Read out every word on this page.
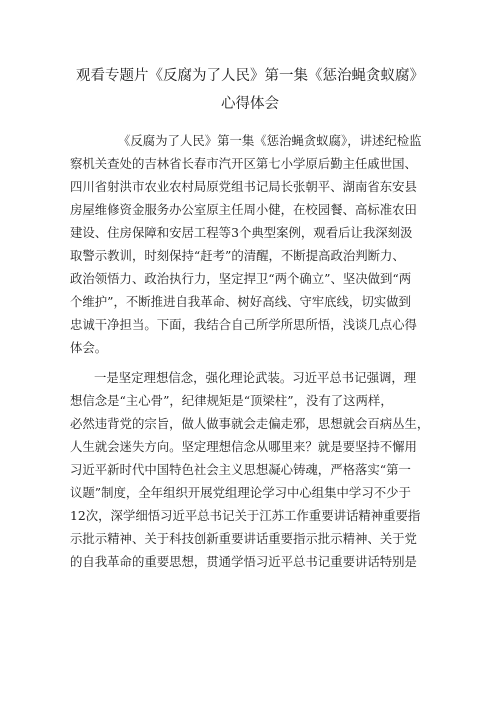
观看专题片《反腐为了人民》第一集《惩治蝇贪蚁腐》
心得体会
《反腐为了人民》第一集《惩治蝇贪蚁腐》，讲述纪检监
察机关查处的吉林省长春市汽开区第七小学原后勤主任戚世国、
四川省射洪市农业农村局原党组书记局长张朝平、湖南省东安县
房屋维修资金服务办公室原主任周小健，在校园餐、高标准农田
建设、住房保障和安居工程等3个典型案例，观看后让我深刻汲
取警示教训，时刻保持“赶考”的清醒，不断提高政治判断力、
政治领悟力、政治执行力，坚定捍卫“两个确立”、坚决做到“两
个维护”，不断推进自我革命、树好高线、守牢底线，切实做到
忠诚干净担当。下面，我结合自己所学所思所悟，浅谈几点心得
体会。
一是坚定理想信念，强化理论武装。习近平总书记强调，理
想信念是“主心骨”，纪律规矩是“顶梁柱”，没有了这两样，
必然违背党的宗旨，做人做事就会走偏走邪，思想就会百病丛生，
人生就会迷失方向。坚定理想信念从哪里来？就是要坚持不懈用
习近平新时代中国特色社会主义思想凝心铸魂，严格落实“第一
议题”制度，全年组织开展党组理论学习中心组集中学习不少于
12次，深学细悟习近平总书记关于江苏工作重要讲话精神重要指
示批示精神、关于科技创新重要讲话重要指示批示精神、关于党
的自我革命的重要思想，贯通学悟习近平总书记重要讲话特别是
